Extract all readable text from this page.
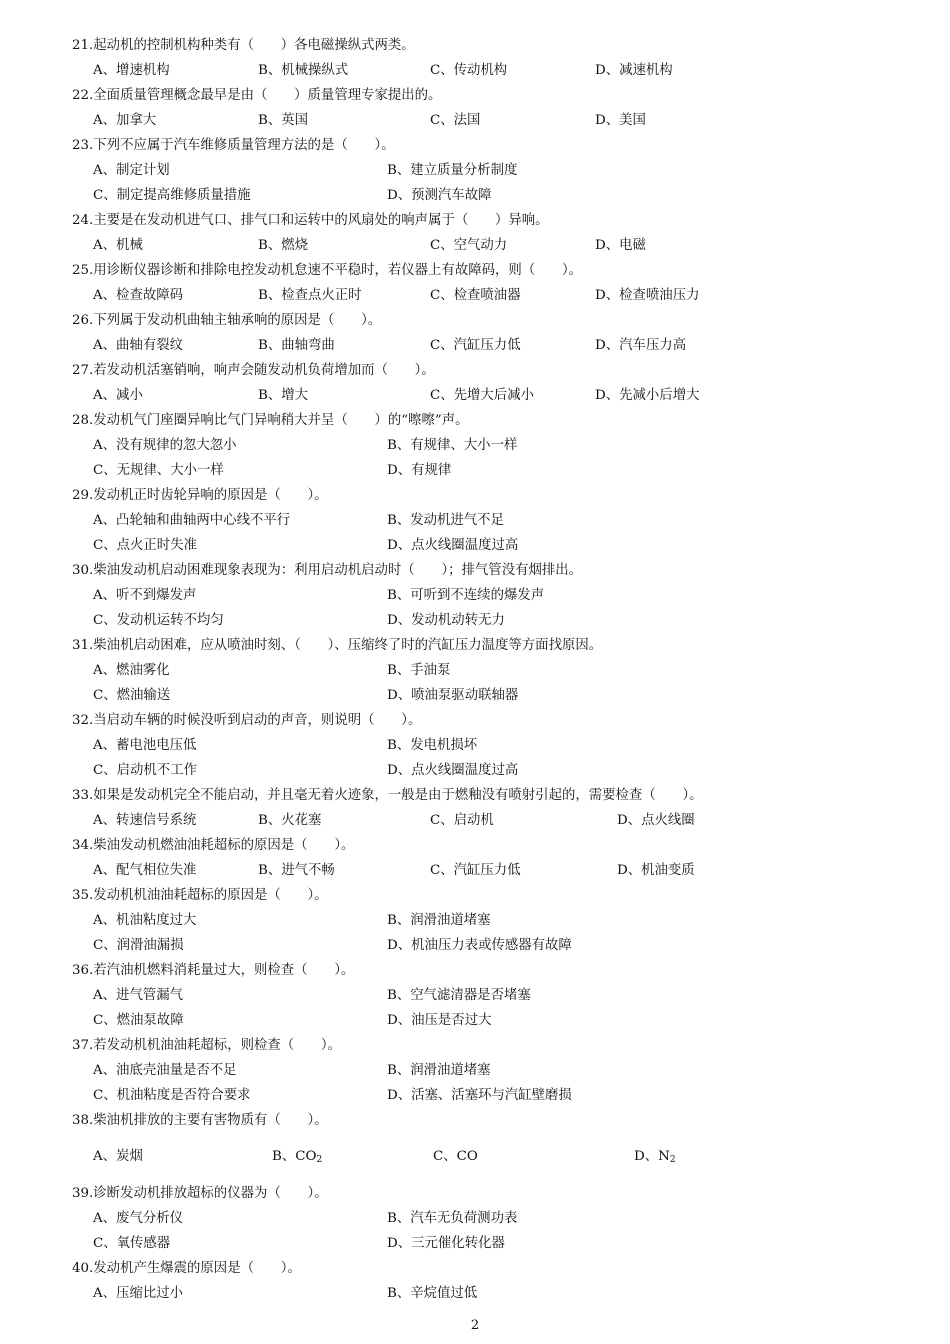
21.起动机的控制机构种类有（　　）各电磁操纵式两类。
A、增速机构	B、机械操纵式	C、传动机构	D、减速机构
22.全面质量管理概念最早是由（　　）质量管理专家提出的。
A、加拿大	B、英国	C、法国	D、美国
23.下列不应属于汽车维修质量管理方法的是（　　）。
A、制定计划	B、建立质量分析制度
C、制定提高维修质量措施	D、预测汽车故障
24.主要是在发动机进气口、排气口和运转中的风扇处的响声属于（　　）异响。
A、机械	B、燃烧	C、空气动力	D、电磁
25.用诊断仪器诊断和排除电控发动机怠速不平稳时，若仪器上有故障码，则（　　）。
A、检查故障码	B、检查点火正时	C、检查喷油器	D、检查喷油压力
26.下列属于发动机曲轴主轴承响的原因是（　　）。
A、曲轴有裂纹	B、曲轴弯曲	C、汽缸压力低	D、汽车压力高
27.若发动机活塞销响，响声会随发动机负荷增加而（　　）。
A、减小	B、增大	C、先增大后减小	D、先减小后增大
28.发动机气门座圈异响比气门异响稍大并呈（　　）的“嚓嚓”声。
A、没有规律的忽大忽小	B、有规律、大小一样
C、无规律、大小一样	D、有规律
29.发动机正时齿轮异响的原因是（　　）。
A、凸轮轴和曲轴两中心线不平行	B、发动机进气不足
C、点火正时失准	D、点火线圈温度过高
30.柴油发动机启动困难现象表现为：利用启动机启动时（　　）；排气管没有烟排出。
A、听不到爆发声	B、可听到不连续的爆发声
C、发动机运转不均匀	D、发动机动转无力
31.柴油机启动困难，应从喷油时刻、（　　）、压缩终了时的汽缸压力温度等方面找原因。
A、燃油雾化	B、手油泵
C、燃油输送	D、喷油泵驱动联轴器
32.当启动车辆的时候没听到启动的声音，则说明（　　）。
A、蓄电池电压低	B、发电机损坏
C、启动机不工作	D、点火线圈温度过高
33.如果是发动机完全不能启动，并且毫无着火迹象，一般是由于燃釉没有喷射引起的，需要检查（　　）。
A、转速信号系统	B、火花塞	C、启动机	D、点火线圈
34.柴油发动机燃油油耗超标的原因是（　　）。
A、配气相位失准	B、进气不畅	C、汽缸压力低	D、机油变质
35.发动机机油油耗超标的原因是（　　）。
A、机油粘度过大	B、润滑油道堵塞
C、润滑油漏损	D、机油压力表或传感器有故障
36.若汽油机燃料消耗量过大，则检查（　　）。
A、进气管漏气	B、空气滤清器是否堵塞
C、燃油泵故障	D、油压是否过大
37.若发动机机油油耗超标，则检查（　　）。
A、油底壳油量是否不足	B、润滑油道堵塞
C、机油粘度是否符合要求	D、活塞、活塞环与汽缸壁磨损
38.柴油机排放的主要有害物质有（　　）。
A、炭烟	B、$CO_2$	C、CO	D、$N_2$
39.诊断发动机排放超标的仪器为（　　）。
A、废气分析仪	B、汽车无负荷测功表
C、氧传感器	D、三元催化转化器
40.发动机产生爆震的原因是（　　）。
A、压缩比过小	B、辛烷值过低
2
